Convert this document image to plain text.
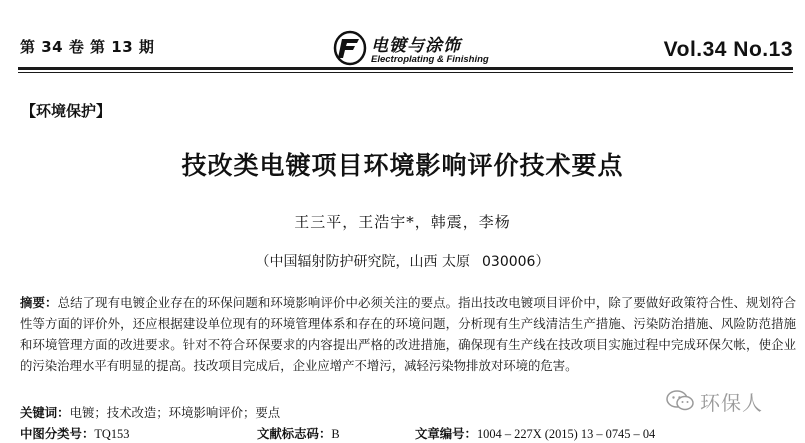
第 34 卷 第 13 期	电镀与涂饰
Electroplating & Finishing	Vol.34 No.13
【环境保护】
技改类电镀项目环境影响评价技术要点
王三平，王浩宇*，韩震，李杨
（中国辐射防护研究院，山西 太原 030006）
摘要：总结了现有电镀企业存在的环保问题和环境影响评价中必须关注的要点。指出技改电镀项目评价中，除了要做好政策符合性、规划符合性等方面的评价外，还应根据建设单位现有的环境管理体系和存在的环境问题，分析现有生产线清洁生产措施、污染防治措施、风险防范措施和环境管理方面的改进要求。针对不符合环保要求的内容提出严格的改进措施，确保现有生产线在技改项目实施过程中完成环保欠帐，使企业的污染治理水平有明显的提高。技改项目完成后，企业应增产不增污，减轻污染物排放对环境的危害。
关键词：电镀；技术改造；环境影响评价；要点
中图分类号：TQ153	文献标志码：B	文章编号：1004 – 227X (2015) 13 – 0745 – 04
环保人
